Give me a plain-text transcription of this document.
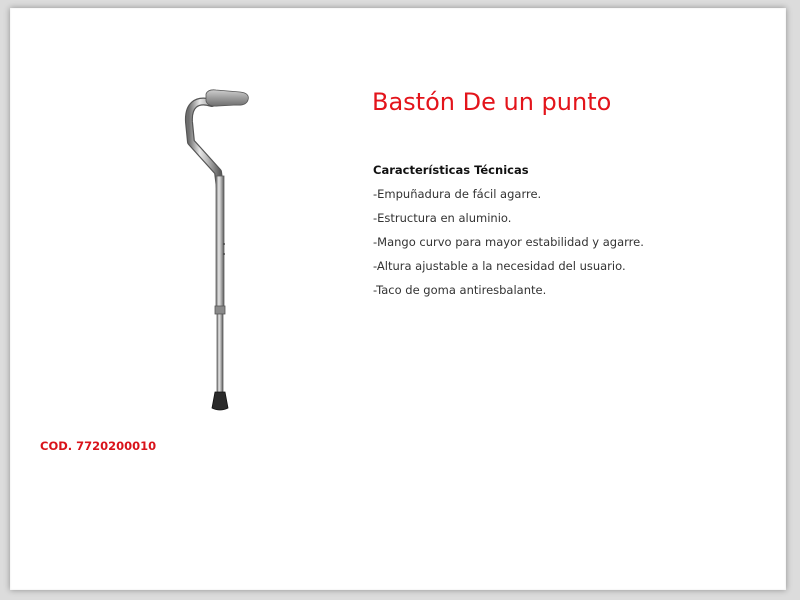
Bastón De un punto
Características Técnicas
-Empuñadura de fácil agarre.
-Estructura en aluminio.
-Mango curvo para mayor estabilidad y agarre.
-Altura ajustable a la necesidad del usuario.
-Taco de goma antiresbalante.
COD. 7720200010
